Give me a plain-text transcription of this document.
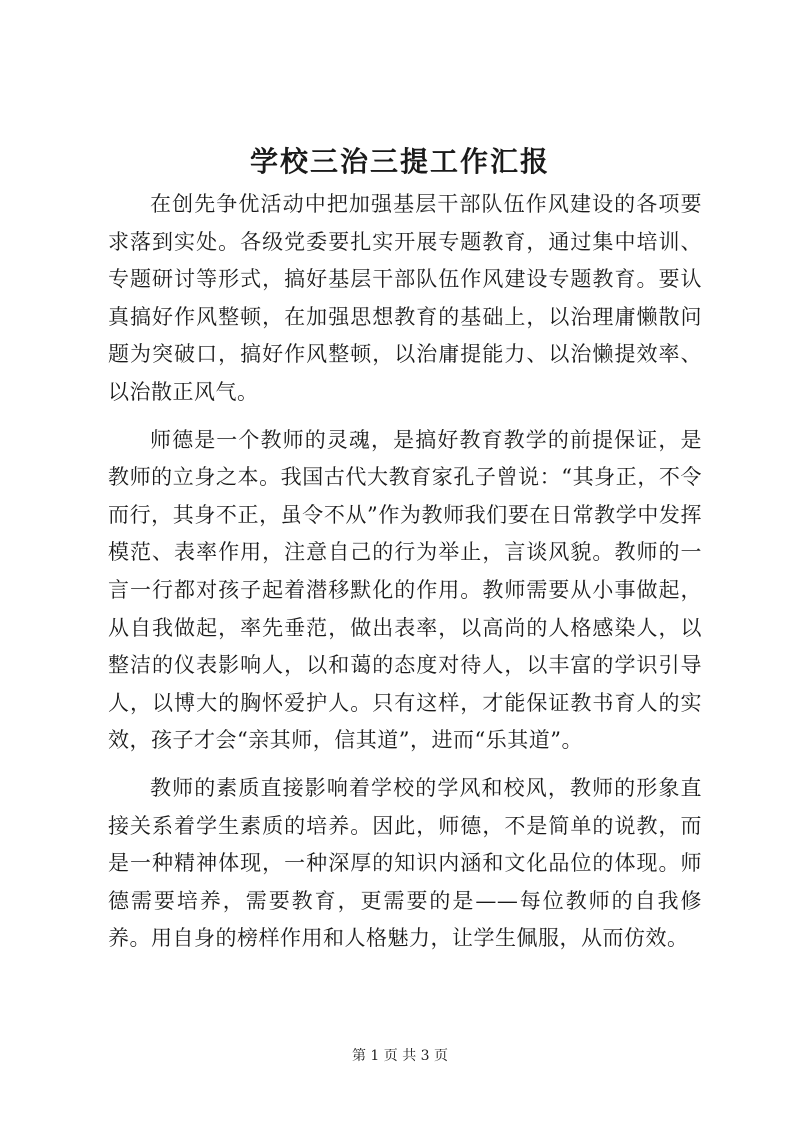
学校三治三提工作汇报

在创先争优活动中把加强基层干部队伍作风建设的各项要求落到实处。各级党委要扎实开展专题教育，通过集中培训、专题研讨等形式，搞好基层干部队伍作风建设专题教育。要认真搞好作风整顿，在加强思想教育的基础上，以治理庸懒散问题为突破口，搞好作风整顿，以治庸提能力、以治懒提效率、以治散正风气。

师德是一个教师的灵魂，是搞好教育教学的前提保证，是教师的立身之本。我国古代大教育家孔子曾说：“其身正，不令而行，其身不正，虽令不从”作为教师我们要在日常教学中发挥模范、表率作用，注意自己的行为举止，言谈风貌。教师的一言一行都对孩子起着潜移默化的作用。教师需要从小事做起，从自我做起，率先垂范，做出表率，以高尚的人格感染人，以整洁的仪表影响人，以和蔼的态度对待人，以丰富的学识引导人，以博大的胸怀爱护人。只有这样，才能保证教书育人的实效，孩子才会“亲其师，信其道”，进而“乐其道”。

教师的素质直接影响着学校的学风和校风，教师的形象直接关系着学生素质的培养。因此，师德，不是简单的说教，而是一种精神体现，一种深厚的知识内涵和文化品位的体现。师德需要培养，需要教育，更需要的是——每位教师的自我修养。用自身的榜样作用和人格魅力，让学生佩服，从而仿效。

第 1 页 共 3 页
